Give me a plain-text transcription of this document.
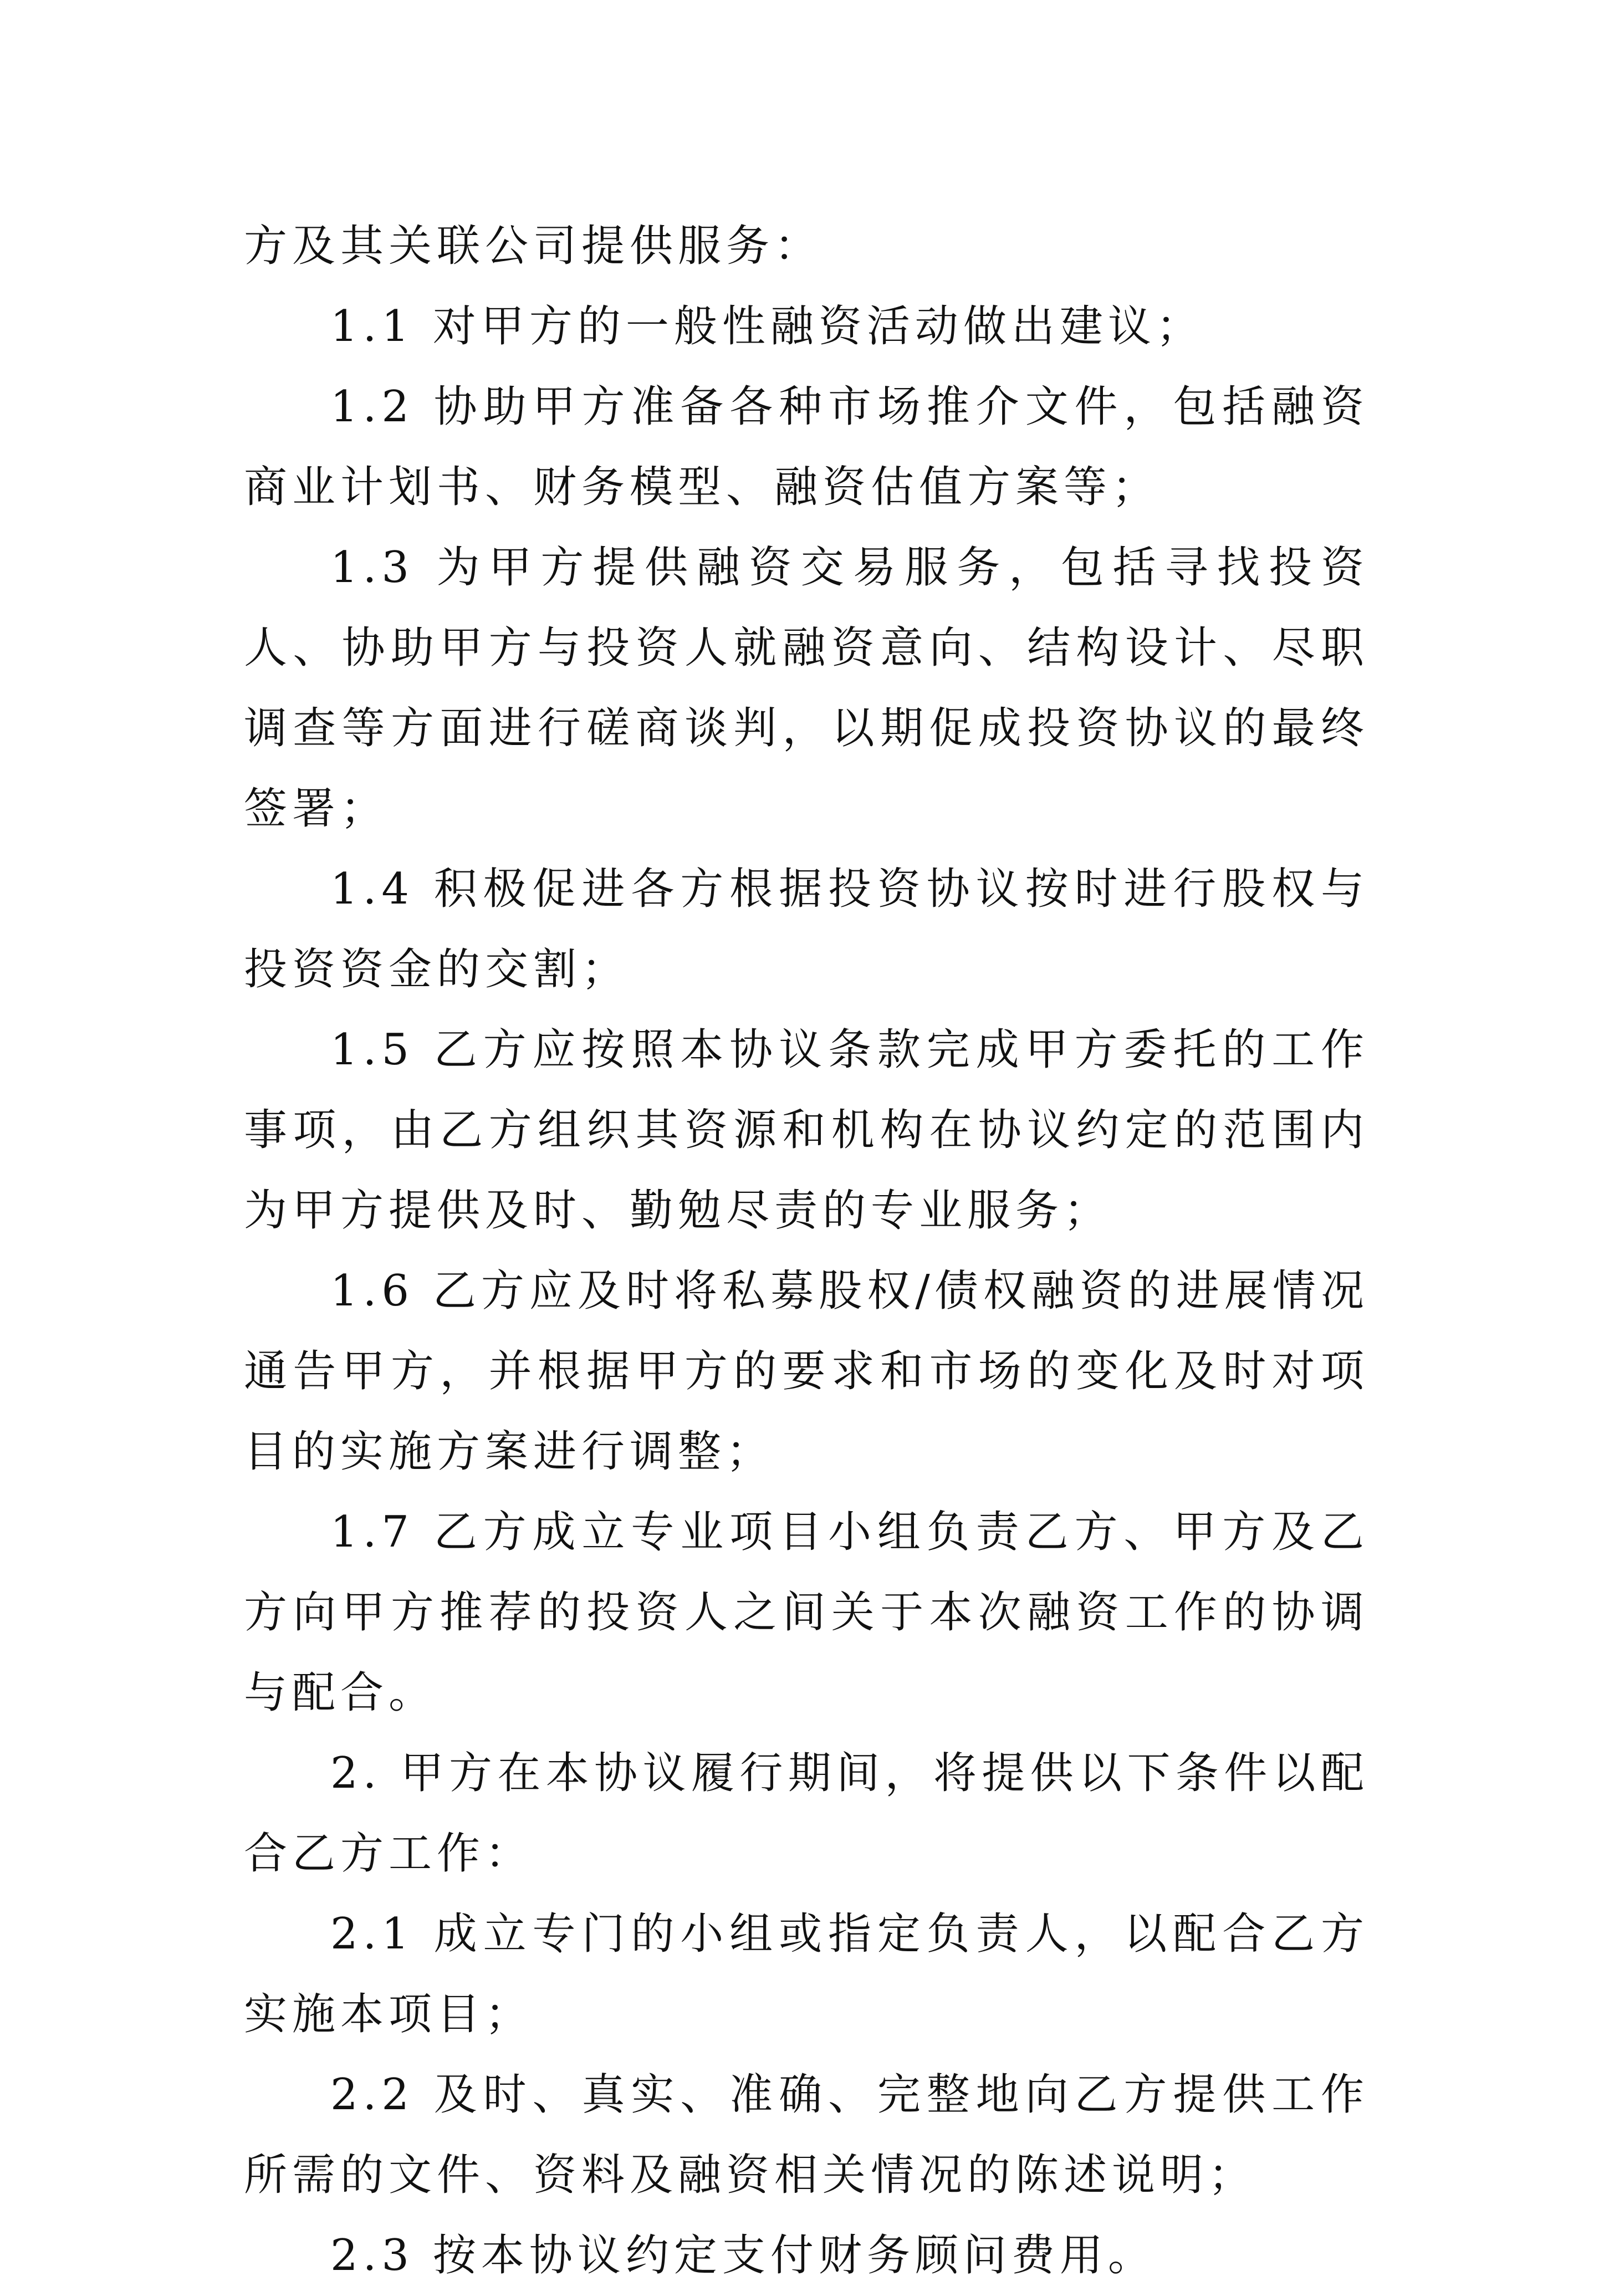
方及其关联公司提供服务：

1.1 对甲方的一般性融资活动做出建议；

1.2 协助甲方准备各种市场推介文件，包括融资商业计划书、财务模型、融资估值方案等；

1.3 为甲方提供融资交易服务，包括寻找投资人、协助甲方与投资人就融资意向、结构设计、尽职调查等方面进行磋商谈判，以期促成投资协议的最终签署；

1.4 积极促进各方根据投资协议按时进行股权与投资资金的交割；

1.5 乙方应按照本协议条款完成甲方委托的工作事项，由乙方组织其资源和机构在协议约定的范围内为甲方提供及时、勤勉尽责的专业服务；

1.6 乙方应及时将私募股权/债权融资的进展情况通告甲方，并根据甲方的要求和市场的变化及时对项目的实施方案进行调整；

1.7 乙方成立专业项目小组负责乙方、甲方及乙方向甲方推荐的投资人之间关于本次融资工作的协调与配合。

2. 甲方在本协议履行期间，将提供以下条件以配合乙方工作：

2.1 成立专门的小组或指定负责人，以配合乙方实施本项目；

2.2 及时、真实、准确、完整地向乙方提供工作所需的文件、资料及融资相关情况的陈述说明；

2.3 按本协议约定支付财务顾问费用。
